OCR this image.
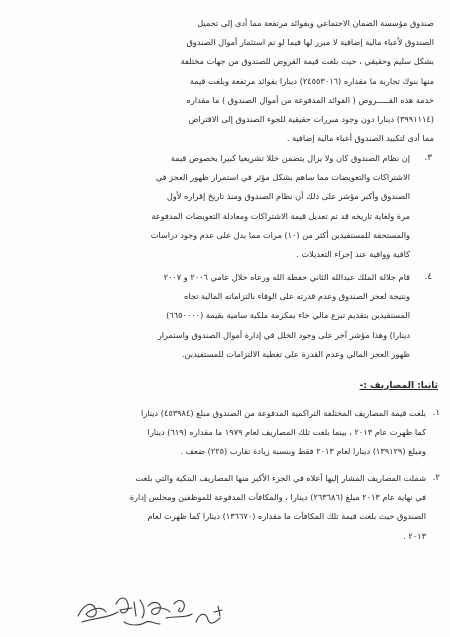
صندوق مؤسسة الضمان الاجتماعي وبفوائد مرتفعة مما أدى إلى تحميل
الصندوق لأعباء مالية إضافية لا مبرر لها فيما لو تم استثمار أموال الصندوق
بشكل سليم وحقيقي ، حيث بلغت قيمة القروض للصندوق من جهات مختلفة
منها بنوك تجارية ما مقداره (٢٤٥٥٣٠١٦) دينارا بفوائد مرتفعة وبلغت قيمة
خدمة هذه القـــــروض ( الفوائد المدفوعة من أموال الصندوق ) ما مقداره
(٣٩٩١١١٤) دينارا دون وجود مبررات حقيقية للجوء الصندوق إلى الاقتراض
مما أدى لتكبيد الصندوق أعباء مالية إضافية .
٣.
إن نظام الصندوق كان ولا يزال يتضمن خللا تشريعيا كبيرا بخصوص قيمة
الاشتراكات والتعويضات مما ساهم بشكل مؤثر في استمرار ظهور العجز في
الصندوق وأكبر مؤشر على ذلك أن نظام الصندوق ومنذ تاريخ إقراره لأول
مرة ولغاية تاريخه قد تم تعديل قيمة الاشتراكات ومعادلة التعويضات المدفوعة
والمستحقة للمستفيدين أكثر من (١٠) مرات مما يدل على عدم وجود دراسات
كافية ووافية عند إجراء التعديلات .
٤.
قام جلالة الملك عبدالله الثاني حفظه الله ورعاه خلال عامي ٢٠٠٦ و ٢٠٠٧
ونتيجة لعجز الصندوق وعدم قدرته على الوفاء بالتزاماته المالية تجاه
المستفيدين بتقديم تبرع مالي جاء بمكرمة ملكية سامية بقيمة (٦٦٥٠٠٠٠)
دينارا) وهذا مؤشر آخر على وجود الخلل في إدارة أموال الصندوق واستمرار
ظهور العجز المالي وعدم القدرة على تغطية الالتزامات للمستفيدين.
ثانيا: المصاريف :-
١.
بلغت قيمة المصاريف المختلفة التراكمية المدفوعة من الصندوق مبلغ (٤٥٣٩٨٤) دينارا
كما ظهرت عام ٢٠١٣ ، بينما بلغت تلك المصاريف لعام ١٩٧٩ ما مقداره (٦١٩) دينارا
ومبلغ (١٣٩١٢٩) دينارا لعام ٢٠١٣ فقط وبنسبة زيادة تقارب (٢٢٥) ضعف .
٢.
شملت المصاريف المشار إليها أعلاه في الجزء الأكبر منها المصاريف البنكية والتي بلغت
في نهاية عام ٢٠١٣ مبلغ (٢٦٣٦٨٦) دينارا ، والمكافآت المدفوعة للموظفين ومجلس إدارة
الصندوق حيث بلغت قيمة تلك المكافآت ما مقداره (١٣٦٦٧٠) دينارا كما ظهرت لعام
٢٠١٣ .
